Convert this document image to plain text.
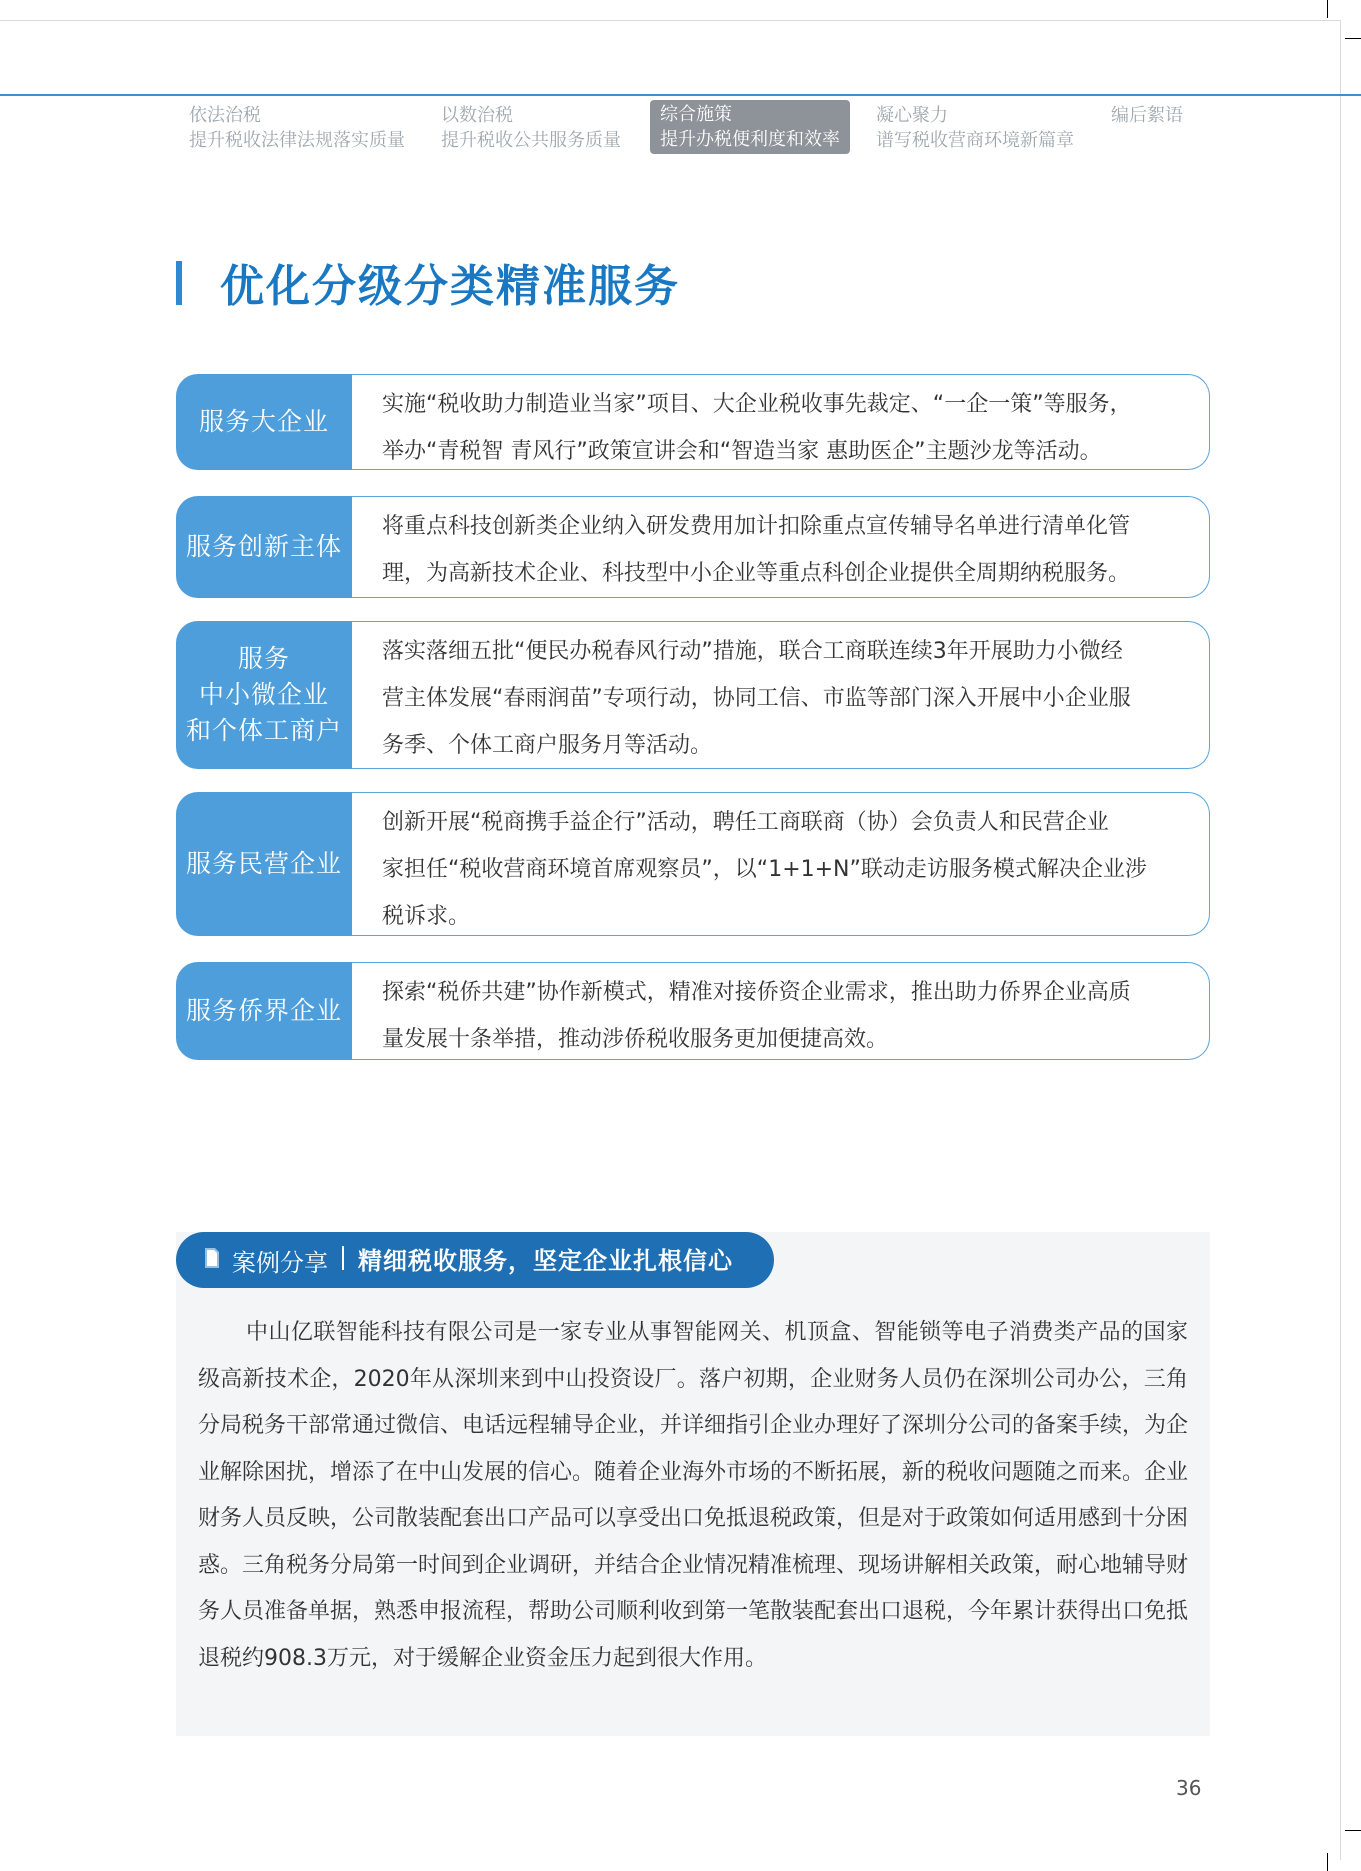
依法治税
提升税收法律法规落实质量
以数治税
提升税收公共服务质量
综合施策
提升办税便利度和效率
凝心聚力
谱写税收营商环境新篇章
编后絮语
优化分级分类精准服务
服务大企业
实施“税收助力制造业当家”项目、大企业税收事先裁定、“一企一策”等服务，
举办“青税智 青风行”政策宣讲会和“智造当家 惠助医企”主题沙龙等活动。
服务创新主体
将重点科技创新类企业纳入研发费用加计扣除重点宣传辅导名单进行清单化管
理，为高新技术企业、科技型中小企业等重点科创企业提供全周期纳税服务。
服务
中小微企业
和个体工商户
落实落细五批“便民办税春风行动”措施，联合工商联连续3年开展助力小微经
营主体发展“春雨润苗”专项行动，协同工信、市监等部门深入开展中小企业服
务季、个体工商户服务月等活动。
服务民营企业
创新开展“税商携手益企行”活动，聘任工商联商（协）会负责人和民营企业
家担任“税收营商环境首席观察员”，以“1+1+N”联动走访服务模式解决企业涉
税诉求。
服务侨界企业
探索“税侨共建”协作新模式，精准对接侨资企业需求，推出助力侨界企业高质
量发展十条举措，推动涉侨税收服务更加便捷高效。
案例分享 精细税收服务，坚定企业扎根信心
中山亿联智能科技有限公司是一家专业从事智能网关、机顶盒、智能锁等电子消费类产品的国家级高新技术企，2020年从深圳来到中山投资设厂。落户初期，企业财务人员仍在深圳公司办公，三角分局税务干部常通过微信、电话远程辅导企业，并详细指引企业办理好了深圳分公司的备案手续，为企业解除困扰，增添了在中山发展的信心。随着企业海外市场的不断拓展，新的税收问题随之而来。企业财务人员反映，公司散装配套出口产品可以享受出口免抵退税政策，但是对于政策如何适用感到十分困惑。三角税务分局第一时间到企业调研，并结合企业情况精准梳理、现场讲解相关政策，耐心地辅导财务人员准备单据，熟悉申报流程，帮助公司顺利收到第一笔散装配套出口退税，今年累计获得出口免抵退税约908.3万元，对于缓解企业资金压力起到很大作用。
36
